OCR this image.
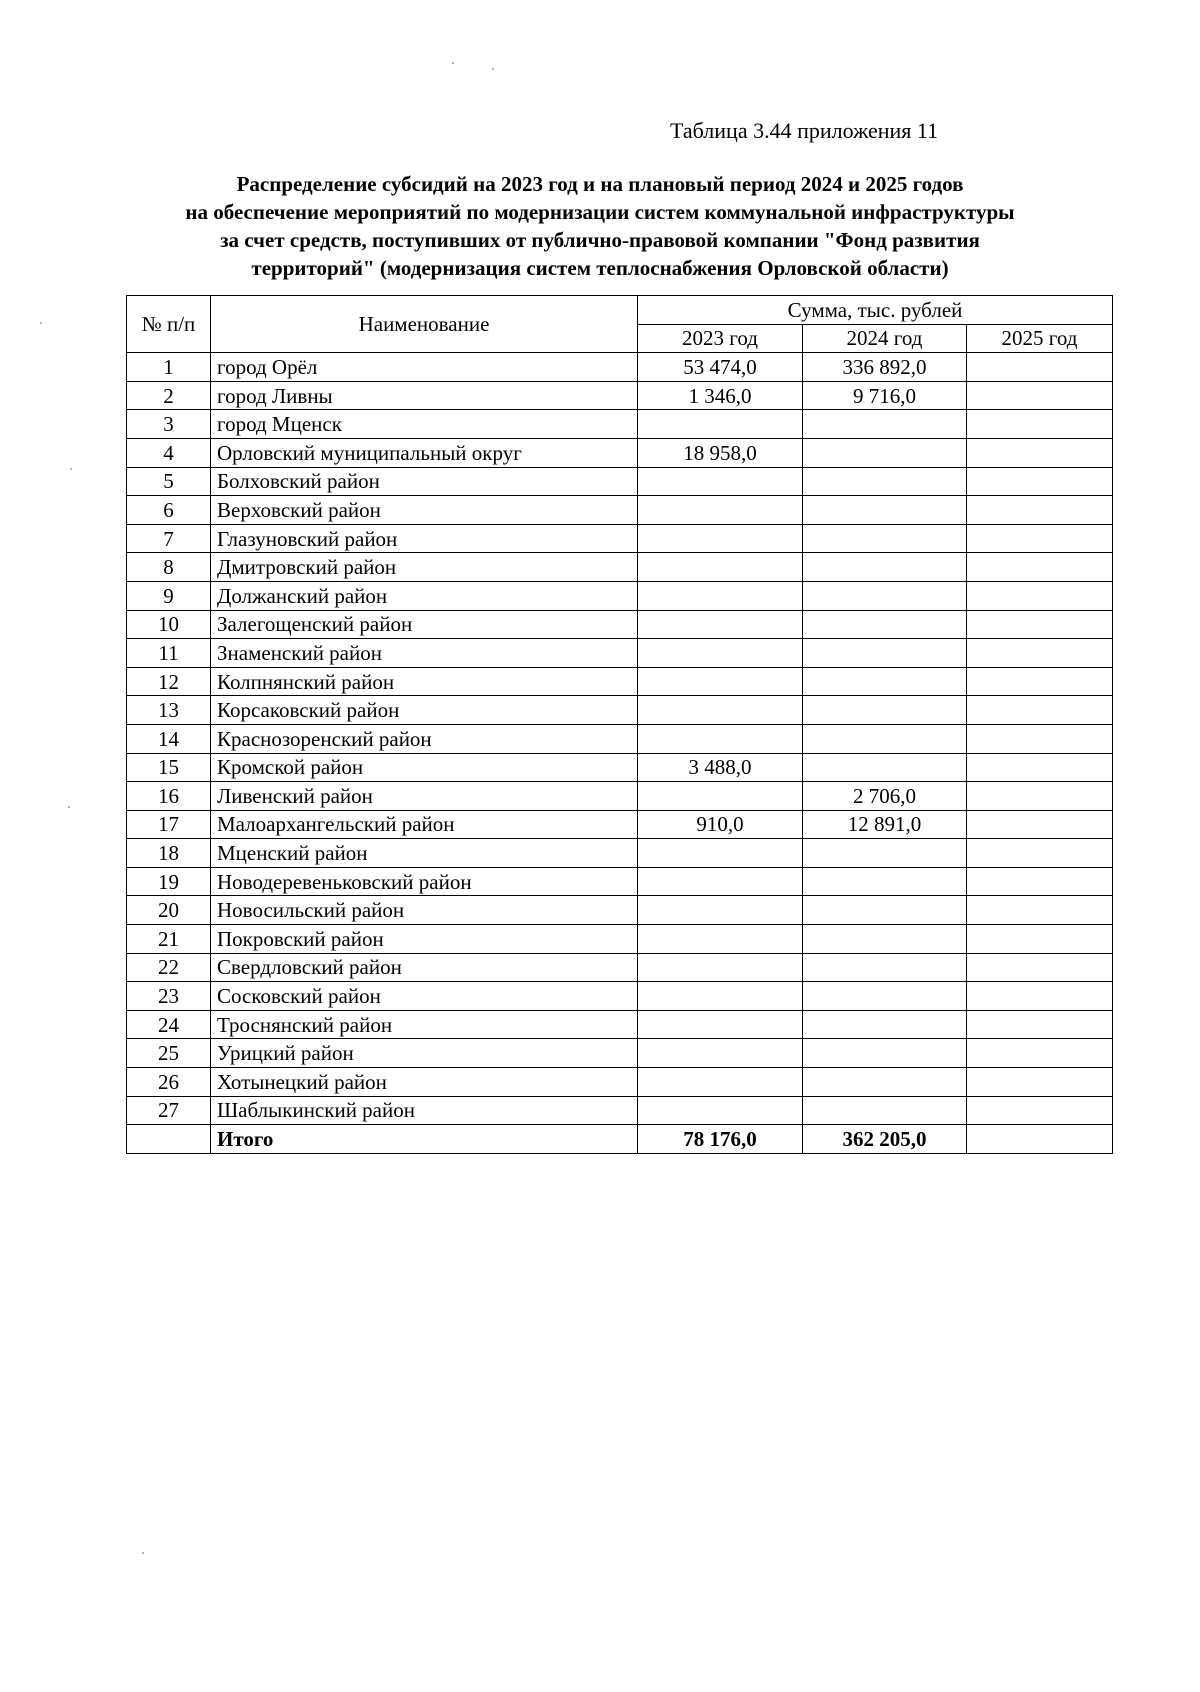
Таблица 3.44 приложения 11
Распределение субсидий на 2023 год и на плановый период 2024 и 2025 годов
на обеспечение мероприятий по модернизации систем коммунальной инфраструктуры
за счет средств, поступивших от публично-правовой компании "Фонд развития
территорий" (модернизация систем теплоснабжения Орловской области)
№ п/п	Наименование	Сумма, тыс. рублей		
		2023 год	2024 год	2025 год
1	город Орёл	53 474,0	336 892,0	
2	город Ливны	1 346,0	9 716,0	
3	город Мценск			
4	Орловский муниципальный округ	18 958,0		
5	Болховский район			
6	Верховский район			
7	Глазуновский район			
8	Дмитровский район			
9	Должанский район			
10	Залегощенский район			
11	Знаменский район			
12	Колпнянский район			
13	Корсаковский район			
14	Краснозоренский район			
15	Кромской район	3 488,0		
16	Ливенский район		2 706,0	
17	Малоархангельский район	910,0	12 891,0	
18	Мценский район			
19	Новодеревеньковский район			
20	Новосильский район			
21	Покровский район			
22	Свердловский район			
23	Сосковский район			
24	Троснянский район			
25	Урицкий район			
26	Хотынецкий район			
27	Шаблыкинский район			
	Итого	78 176,0	362 205,0	
